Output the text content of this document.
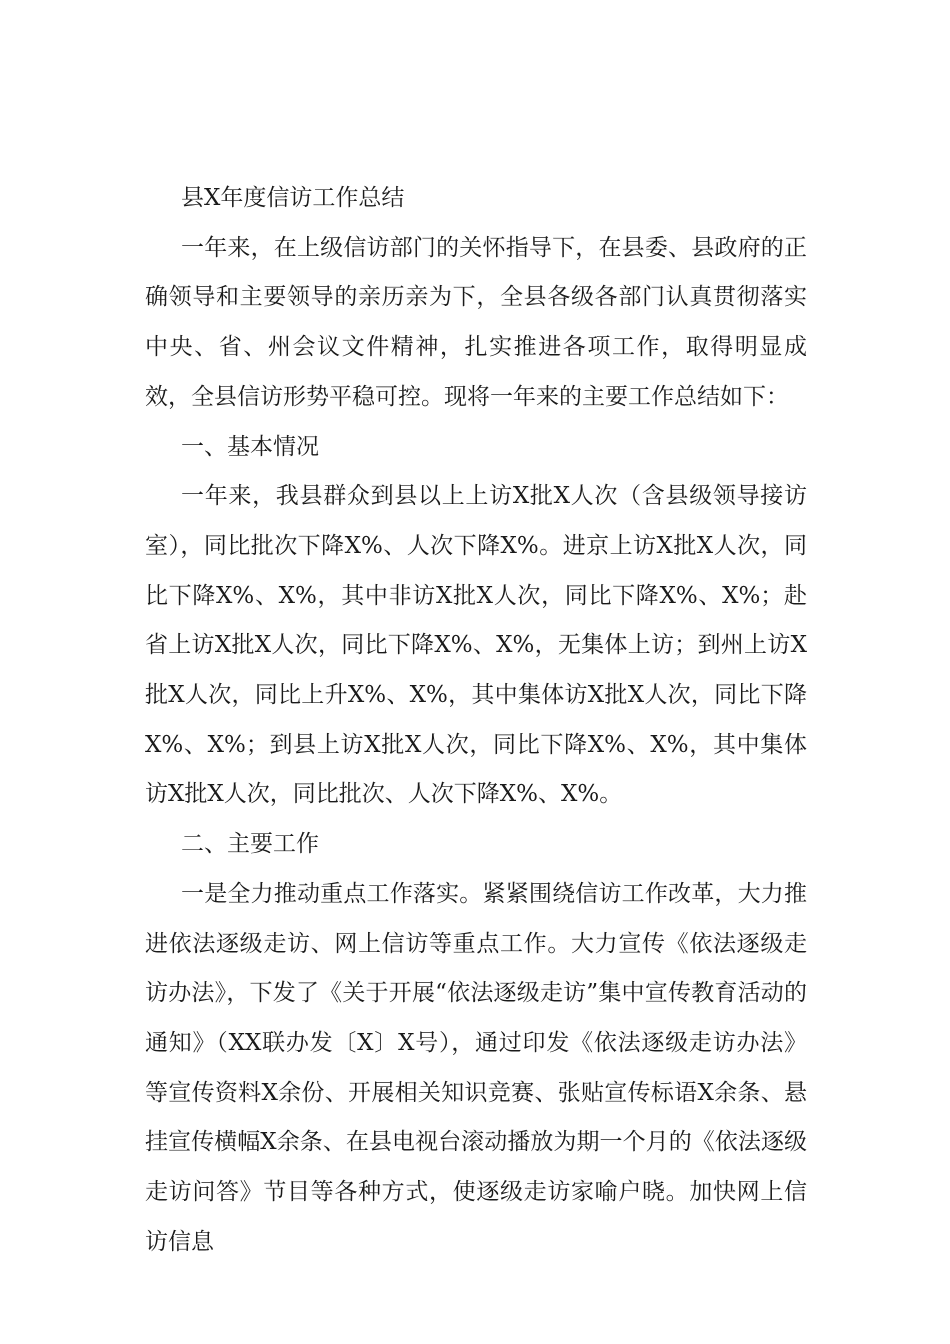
县X年度信访工作总结

一年来，在上级信访部门的关怀指导下，在县委、县政府的正确领导和主要领导的亲历亲为下，全县各级各部门认真贯彻落实中央、省、州会议文件精神，扎实推进各项工作，取得明显成效，全县信访形势平稳可控。现将一年来的主要工作总结如下：

一、基本情况

一年来，我县群众到县以上上访X批X人次（含县级领导接访室），同比批次下降X%、人次下降X%。进京上访X批X人次，同比下降X%、X%，其中非访X批X人次，同比下降X%、X%；赴省上访X批X人次，同比下降X%、X%，无集体上访；到州上访X批X人次，同比上升X%、X%，其中集体访X批X人次，同比下降X%、X%；到县上访X批X人次，同比下降X%、X%，其中集体访X批X人次，同比批次、人次下降X%、X%。

二、主要工作

一是全力推动重点工作落实。紧紧围绕信访工作改革，大力推进依法逐级走访、网上信访等重点工作。大力宣传《依法逐级走访办法》，下发了《关于开展“依法逐级走访”集中宣传教育活动的通知》（XX联办发〔X〕X号），通过印发《依法逐级走访办法》等宣传资料X余份、开展相关知识竞赛、张贴宣传标语X余条、悬挂宣传横幅X余条、在县电视台滚动播放为期一个月的《依法逐级走访问答》节目等各种方式，使逐级走访家喻户晓。加快网上信访信息
